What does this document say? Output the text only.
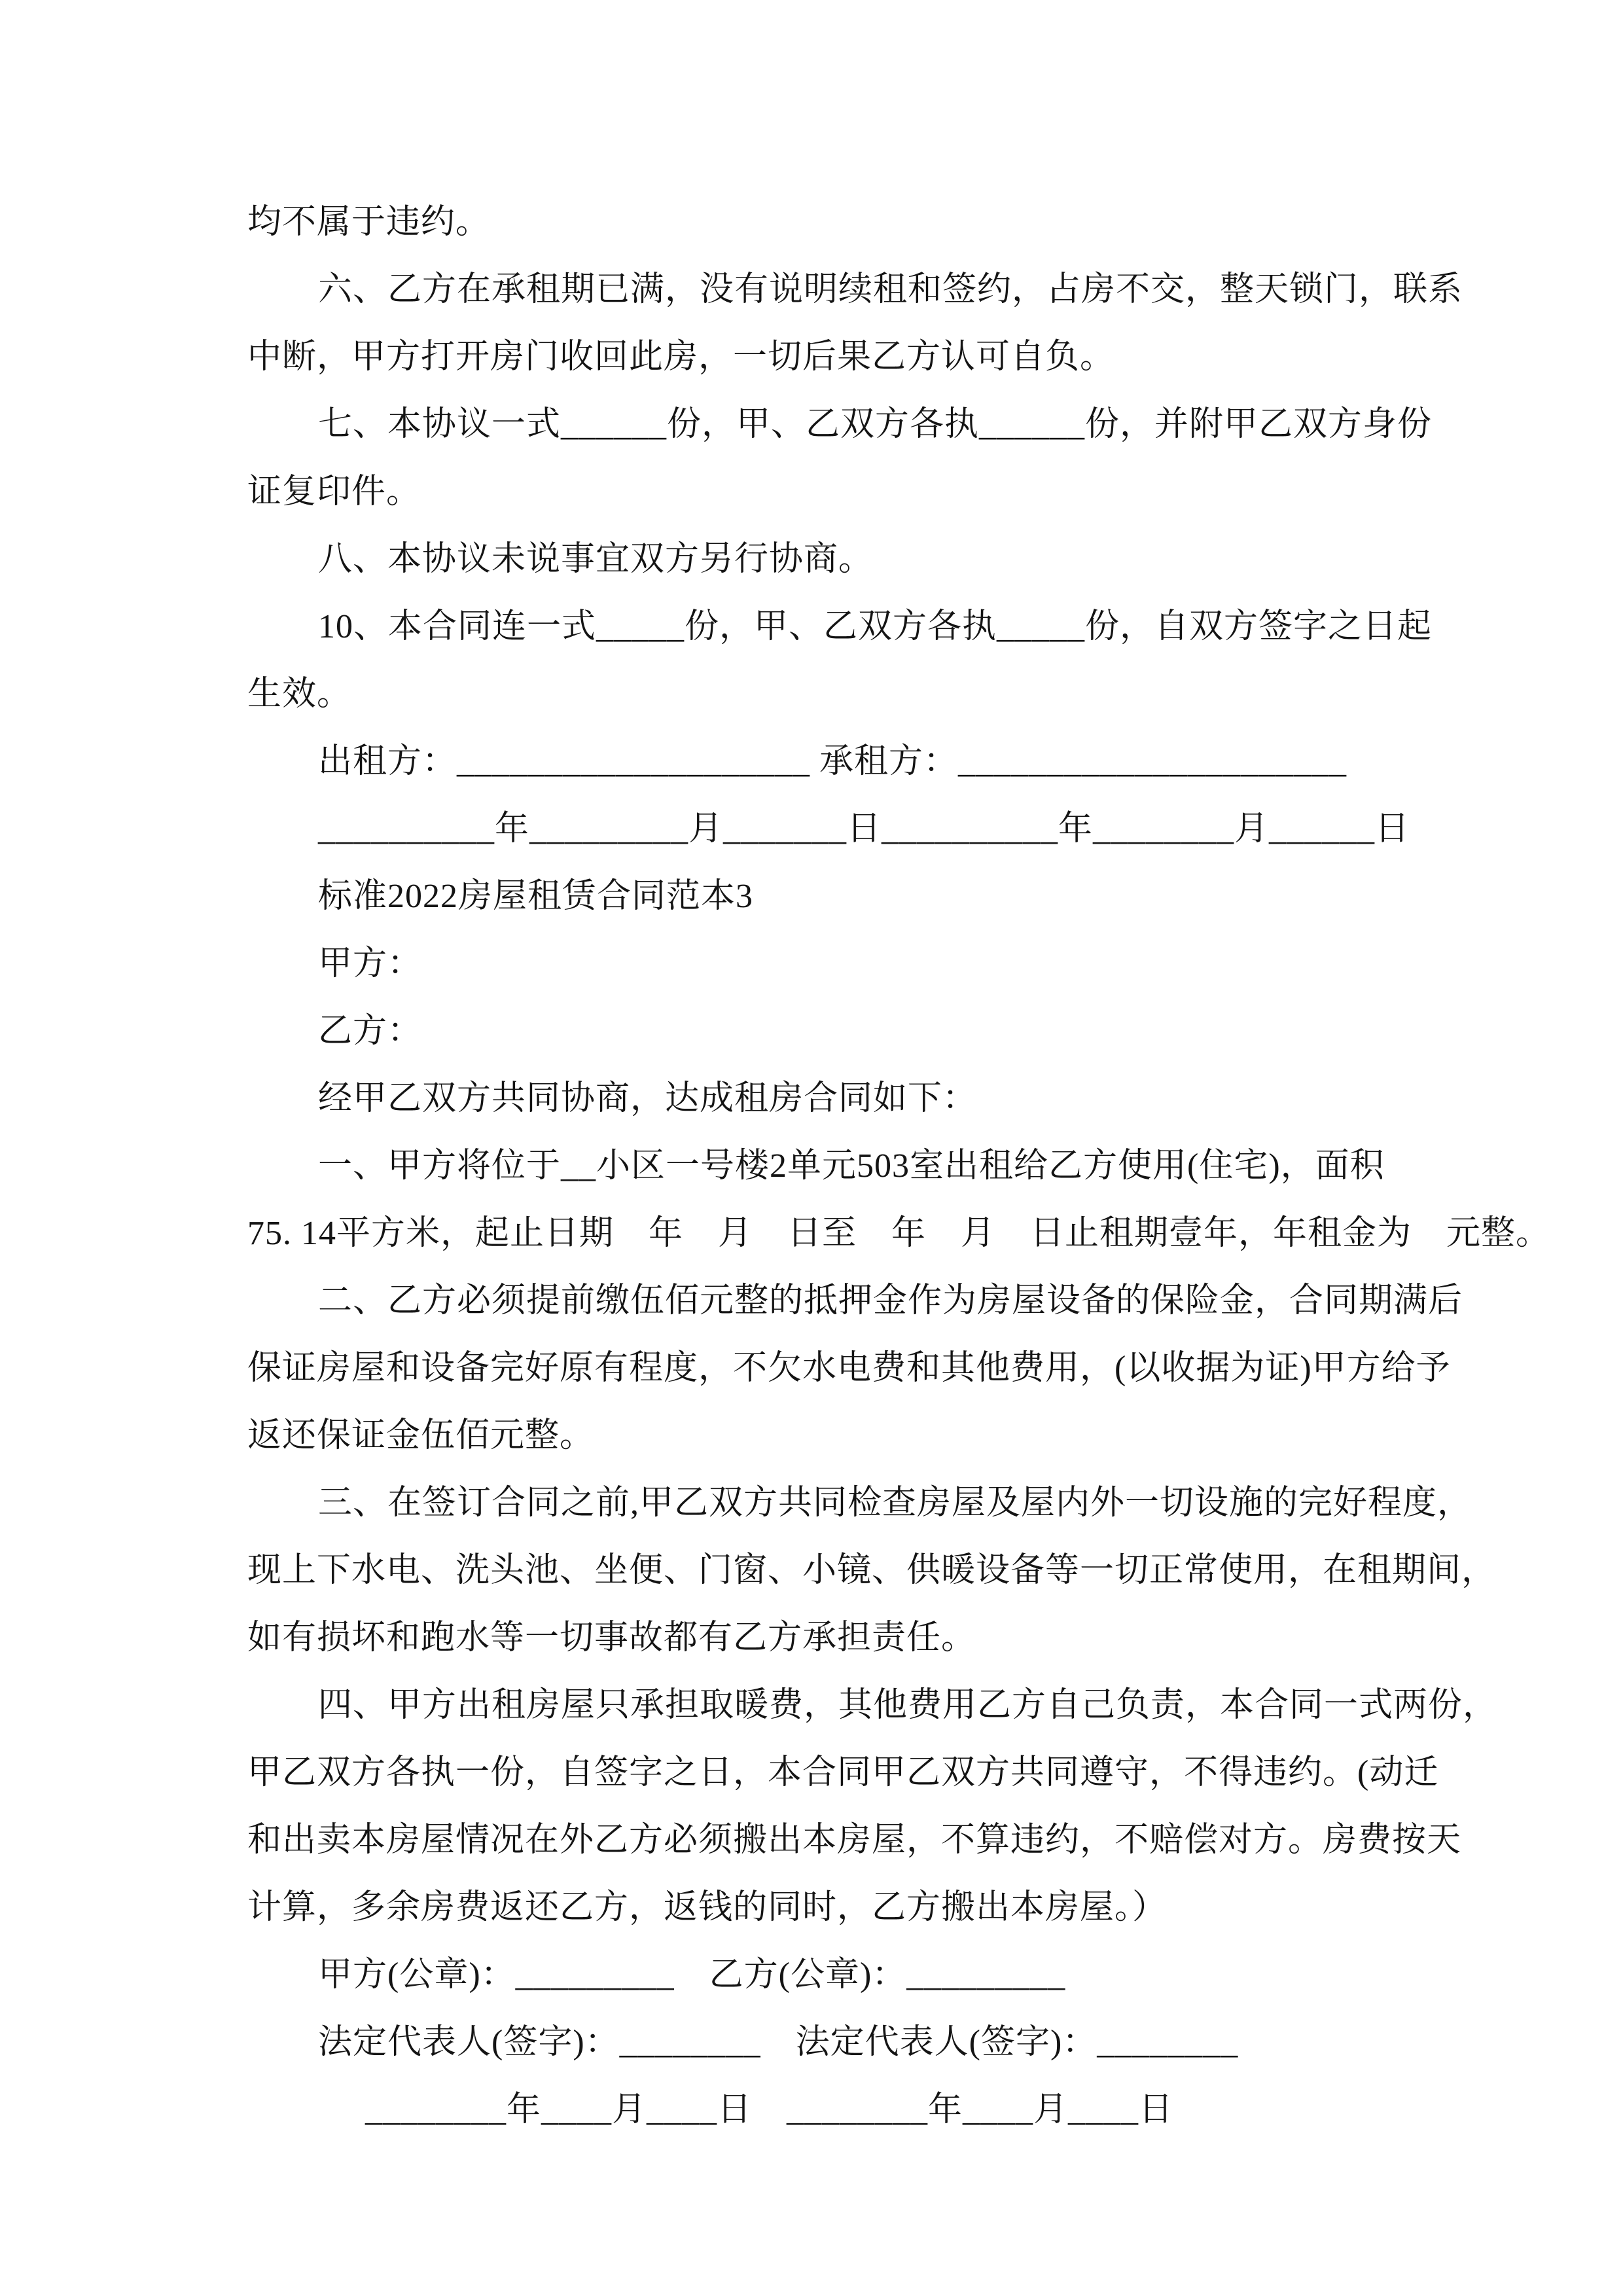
均不属于违约。
六、乙方在承租期已满，没有说明续租和签约，占房不交，整天锁门，联系
中断，甲方打开房门收回此房，一切后果乙方认可自负。
七、本协议一式______份，甲、乙双方各执______份，并附甲乙双方身份
证复印件。
八、本协议未说事宜双方另行协商。
10、本合同连一式_____份，甲、乙双方各执_____份，自双方签字之日起
生效。
出租方：____________________ 承租方：______________________
__________年_________月_______日__________年________月______日
标准2022房屋租赁合同范本3
甲方：
乙方：
经甲乙双方共同协商，达成租房合同如下：
一、甲方将位于__小区一号楼2单元503室出租给乙方使用(住宅)，面积
75. 14平方米，起止日期　年　月　日至　年　月　日止租期壹年，年租金为　元整。
二、乙方必须提前缴伍佰元整的抵押金作为房屋设备的保险金，合同期满后
保证房屋和设备完好原有程度，不欠水电费和其他费用，(以收据为证)甲方给予
返还保证金伍佰元整。
三、在签订合同之前,甲乙双方共同检查房屋及屋内外一切设施的完好程度，
现上下水电、洗头池、坐便、门窗、小镜、供暖设备等一切正常使用，在租期间，
如有损坏和跑水等一切事故都有乙方承担责任。
四、甲方出租房屋只承担取暖费，其他费用乙方自己负责，本合同一式两份，
甲乙双方各执一份，自签字之日，本合同甲乙双方共同遵守，不得违约。(动迁
和出卖本房屋情况在外乙方必须搬出本房屋，不算违约，不赔偿对方。房费按天
计算，多余房费返还乙方，返钱的同时，乙方搬出本房屋。）
甲方(公章)：_________　乙方(公章)：_________
法定代表人(签字)：________　法定代表人(签字)：________
________年____月____日　________年____月____日
